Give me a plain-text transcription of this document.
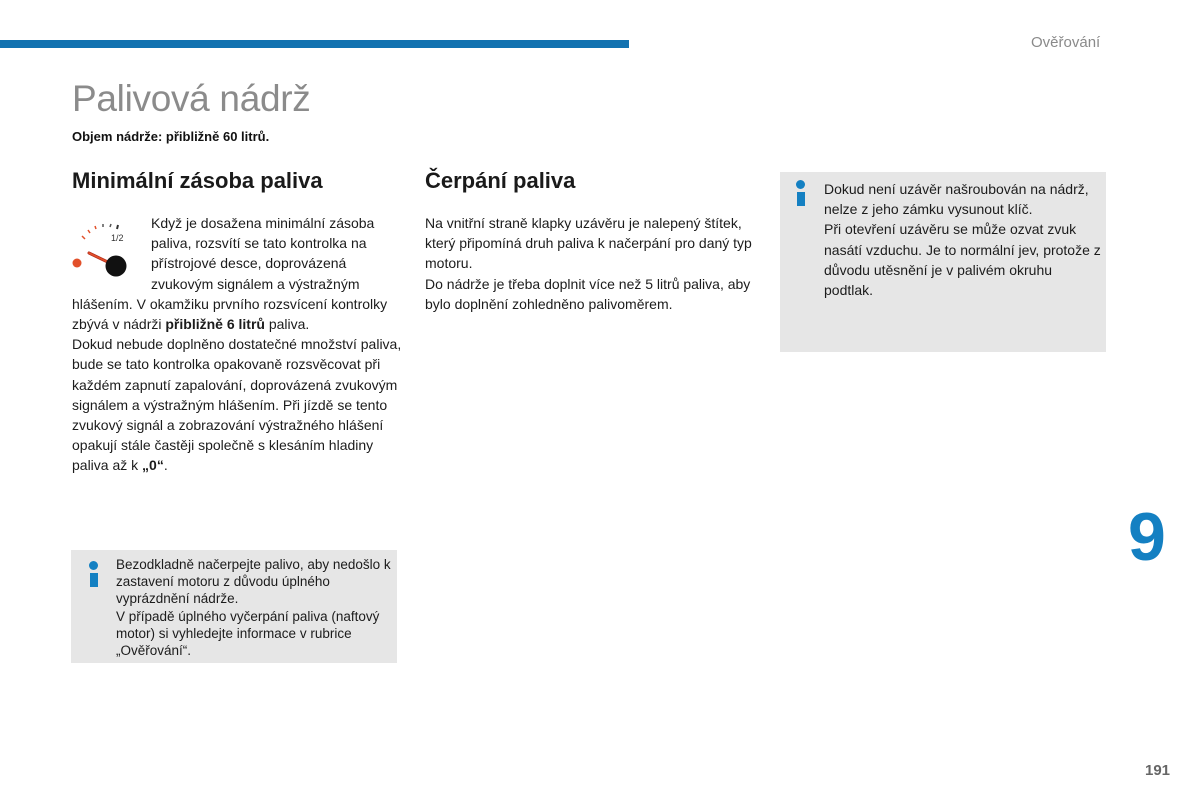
Ověřování
Palivová nádrž
Objem nádrže: přibližně 60 litrů.
Minimální zásoba paliva	Čerpání paliva
1/2

Když je dosažena minimální zásoba paliva, rozsvítí se tato kontrolka na přístrojové desce, doprovázená zvukovým signálem a výstražným hlášením. V okamžiku prvního rozsvícení kontrolky zbývá v nádrži přibližně 6 litrů paliva.

Dokud nebude doplněno dostatečné množství paliva, bude se tato kontrolka opakovaně rozsvěcovat při každém zapnutí zapalování, doprovázená zvukovým signálem a výstražným hlášením. Při jízdě se tento zvukový signál a zobrazování výstražného hlášení opakují stále častěji společně s klesáním hladiny paliva až k „0“.

Na vnitřní straně klapky uzávěru je nalepený štítek, který připomíná druh paliva k načerpání pro daný typ motoru.

Do nádrže je třeba doplnit více než 5 litrů paliva, aby bylo doplnění zohledněno palivoměrem.

Bezodkladně načerpejte palivo, aby nedošlo k zastavení motoru z důvodu úplného vyprázdnění nádrže.

V případě úplného vyčerpání paliva (naftový motor) si vyhledejte informace v rubrice „Ověřování“.

Dokud není uzávěr našroubován na nádrž, nelze z jeho zámku vysunout klíč.

Při otevření uzávěru se může ozvat zvuk nasátí vzduchu. Je to normální jev, protože z důvodu utěsnění je v palivém okruhu podtlak.

9
191
